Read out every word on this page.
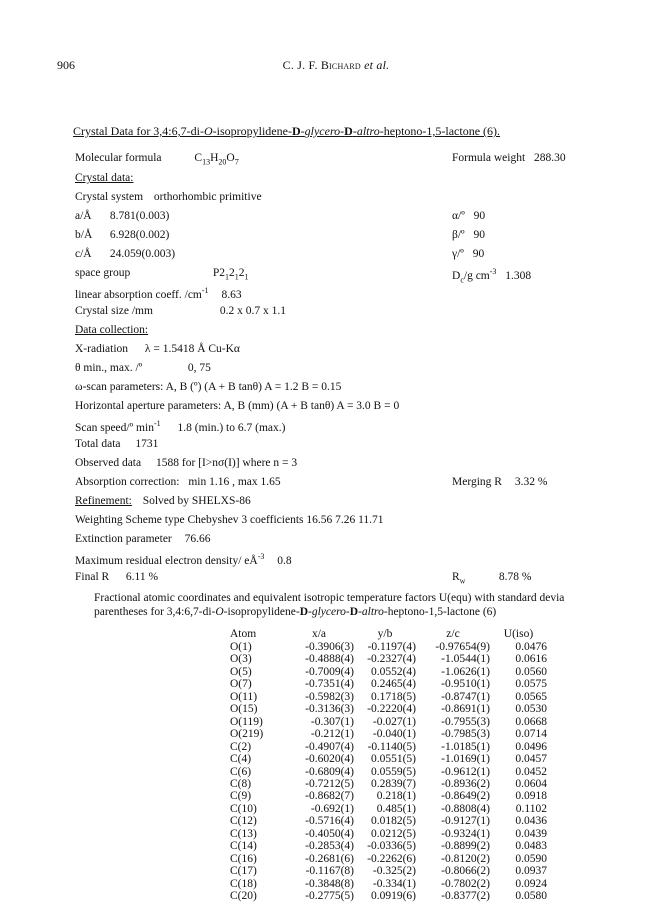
906	C. J. F. Bichard et al.
Crystal Data for 3,4:6,7-di-O-isopropylidene-D-glycero-D-altro-heptono-1,5-lactone (6).
Molecular formula	$C_{13}H_{20}O_7$	Formula weight 288.30
Crystal data:
Crystal system orthorhombic primitive
a/Å 8.781(0.003)	α/º 90
b/Å 6.928(0.002)	β/º 90
c/Å 24.059(0.003)	γ/º 90
space group	$P2_12_12_1$	$D_c/g$ $cm^{-3}$ 1.308
linear absorption coeff. $/cm^{-1}$ 8.63
Crystal size /mm	0.2 x 0.7 x 1.1
Data collection:
X-radiation λ = 1.5418 Å Cu-Kα
θ min., max. /º	0, 75
ω-scan parameters: A, B (º) (A + B tanθ) A = 1.2 B = 0.15
Horizontal aperture parameters: A, B (mm) (A + B tanθ) A = 3.0 B = 0
Scan speed/º $\min^{-1} 1.8$ (min.) to 6.7 (max.)
Total data 1731
Observed data 1588 for [I>nσ(I)] where n = 3
Absorption correction: min 1.16 , max 1.65	Merging R 3.32 %
Refinement: Solved by SHELXS-86
Weighting Scheme type Chebyshev 3 coefficients 16.56 7.26 11.71
Extinction parameter 76.66
Maximum residual electron density/ $eÅ^{-3}$ 0.8
Final R 6.11 %	$R_w$	8.78 %
Fractional atomic coordinates and equivalent isotropic temperature factors U(equ) with standard devia
parentheses for 3,4:6,7-di-O-isopropylidene-D-glycero-D-altro-heptono-1,5-lactone (6)
Atom	x/a	y/b	z/c	U(iso)
O(1)	-0.3906(3)	-0.1197(4)	-0.97654(9)	0.0476
O(3)	-0.4888(4)	-0.2327(4)	-1.0544(1)	0.0616
O(5)	-0.7009(4)	0.0552(4)	-1.0626(1)	0.0560
O(7)	-0.7351(4)	0.2465(4)	-0.9510(1)	0.0575
O(11)	-0.5982(3)	0.1718(5)	-0.8747(1)	0.0565
O(15)	-0.3136(3)	-0.2220(4)	-0.8691(1)	0.0530
O(119)	-0.307(1)	-0.027(1)	-0.7955(3)	0.0668
O(219)	-0.212(1)	-0.040(1)	-0.7985(3)	0.0714
C(2)	-0.4907(4)	-0.1140(5)	-1.0185(1)	0.0496
C(4)	-0.6020(4)	0.0551(5)	-1.0169(1)	0.0457
C(6)	-0.6809(4)	0.0559(5)	-0.9612(1)	0.0452
C(8)	-0.7212(5)	0.2839(7)	-0.8936(2)	0.0604
C(9)	-0.8682(7)	0.218(1)	-0.8649(2)	0.0918
C(10)	-0.692(1)	0.485(1)	-0.8808(4)	0.1102
C(12)	-0.5716(4)	0.0182(5)	-0.9127(1)	0.0436
C(13)	-0.4050(4)	0.0212(5)	-0.9324(1)	0.0439
C(14)	-0.2853(4)	-0.0336(5)	-0.8899(2)	0.0483
C(16)	-0.2681(6)	-0.2262(6)	-0.8120(2)	0.0590
C(17)	-0.1167(8)	-0.325(2)	-0.8066(2)	0.0937
C(18)	-0.3848(8)	-0.334(1)	-0.7802(2)	0.0924
C(20)	-0.2775(5)	0.0919(6)	-0.8377(2)	0.0580
